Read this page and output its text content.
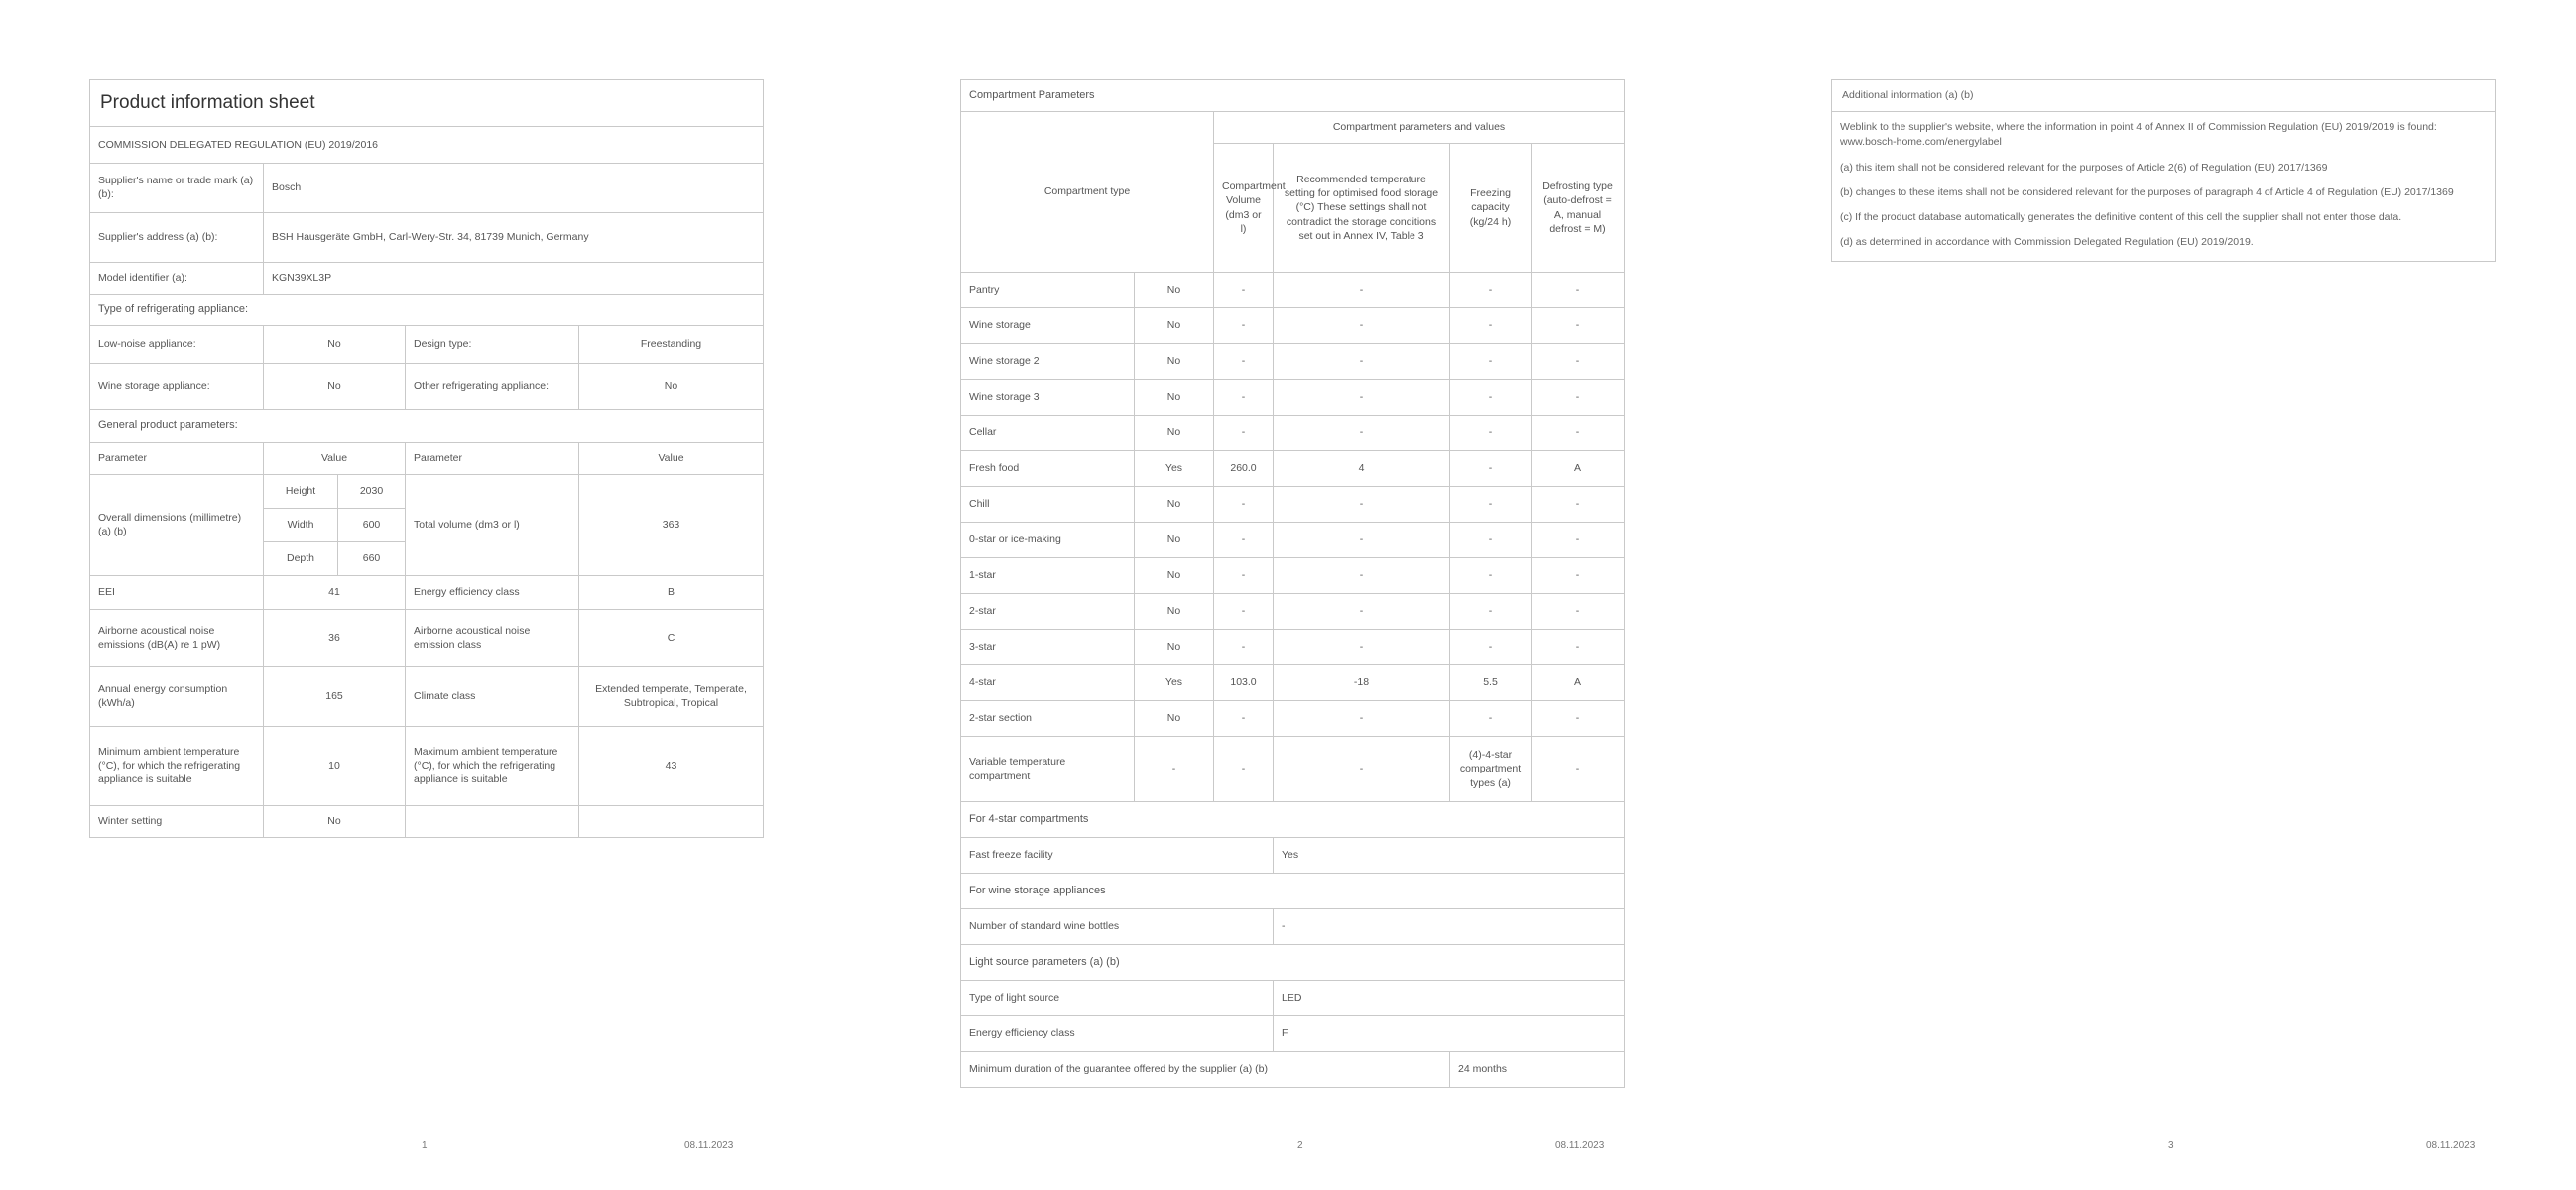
Product information sheet				
COMMISSION DELEGATED REGULATION (EU) 2019/2016				
Supplier's name or trade mark (a) (b):	Bosch			
Supplier's address (a) (b):	BSH Hausgeräte GmbH, Carl-Wery-Str. 34, 81739 Munich, Germany			
Model identifier (a):	KGN39XL3P			
Type of refrigerating appliance:				
Low-noise appliance:	No		Design type:	Freestanding
Wine storage appliance:	No		Other refrigerating appliance:	No
General product parameters:				
Parameter	Value		Parameter	Value
Overall dimensions (millimetre) (a) (b)	Height	2030	Total volume (dm3 or l)	363
	Width	600		
	Depth	660		
EEI	41		Energy efficiency class	B
Airborne acoustical noise emissions (dB(A) re 1 pW)	36		Airborne acoustical noise emission class	C
Annual energy consumption (kWh/a)	165		Climate class	Extended temperate, Temperate, Subtropical, Tropical
Minimum ambient temperature (°C), for which the refrigerating appliance is suitable	10		Maximum ambient temperature (°C), for which the refrigerating appliance is suitable	43
Winter setting	No			
1	08.11.2023
Compartment Parameters					
Compartment type		Compartment parameters and values			
		Compartment Volume (dm3 or l)	Recommended temperature setting for optimised food storage (°C) These settings shall not contradict the storage conditions set out in Annex IV, Table 3	Freezing capacity (kg/24 h)	Defrosting type (auto-defrost = A, manual defrost = M)
Pantry	No	-	-	-	-
Wine storage	No	-	-	-	-
Wine storage 2	No	-	-	-	-
Wine storage 3	No	-	-	-	-
Cellar	No	-	-	-	-
Fresh food	Yes	260.0	4	-	A
Chill	No	-	-	-	-
0-star or ice-making	No	-	-	-	-
1-star	No	-	-	-	-
2-star	No	-	-	-	-
3-star	No	-	-	-	-
4-star	Yes	103.0	-18	5.5	A
2-star section	No	-	-	-	-
Variable temperature compartment	-	-	-	(4)-4-star compartment types (a)	-
For 4-star compartments					
Fast freeze facility			Yes		
For wine storage appliances					
Number of standard wine bottles			-		
Light source parameters (a) (b)					
Type of light source			LED		
Energy efficiency class			F		
Minimum duration of the guarantee offered by the supplier (a) (b)				24 months	
2	08.11.2023
Additional information (a) (b)

Weblink to the supplier's website, where the information in point 4 of Annex II of Commission Regulation (EU) 2019/2019 is found: www.bosch-home.com/energylabel

(a) this item shall not be considered relevant for the purposes of Article 2(6) of Regulation (EU) 2017/1369

(b) changes to these items shall not be considered relevant for the purposes of paragraph 4 of Article 4 of Regulation (EU) 2017/1369

(c) If the product database automatically generates the definitive content of this cell the supplier shall not enter those data.

(d) as determined in accordance with Commission Delegated Regulation (EU) 2019/2019.

3	08.11.2023
